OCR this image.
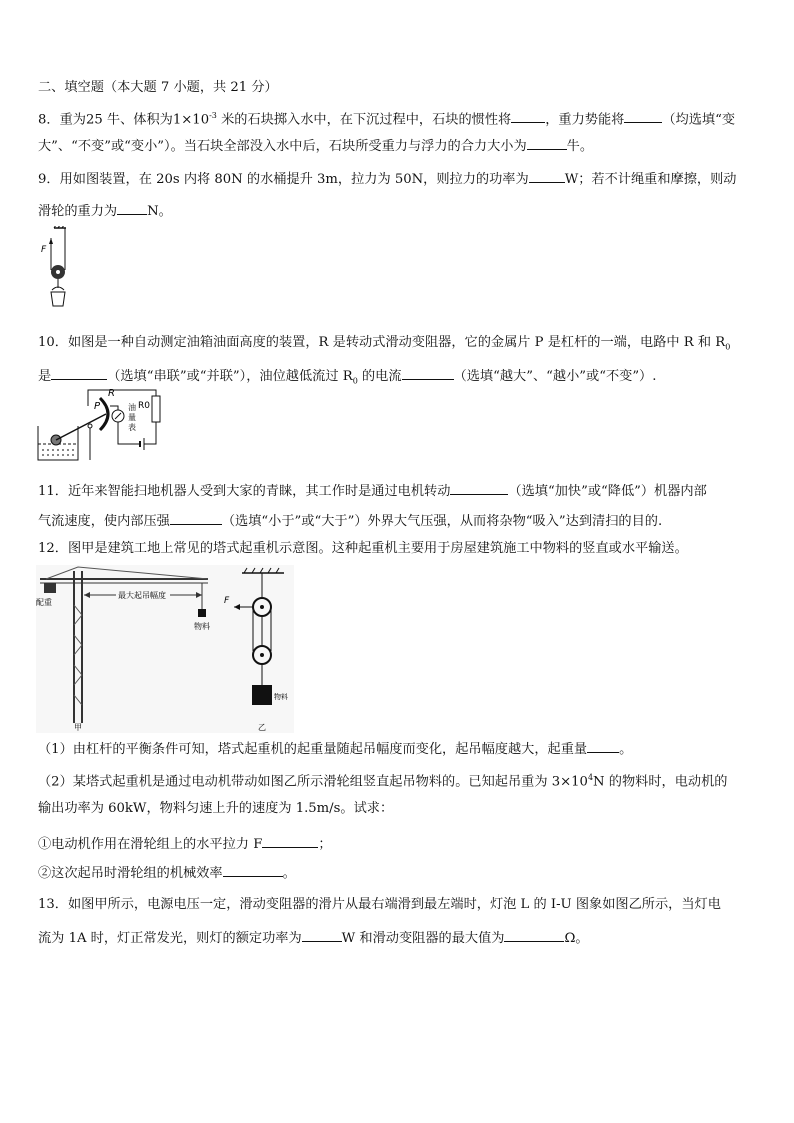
二、填空题（本大题 7 小题，共 21 分）
8．重为25 牛、体积为$1\times 10^{-3}$ 米的石块掷入水中，在下沉过程中，石块的惯性将	，重力势能将	（均选填“变
大”、“不变”或“变小”）。当石块全部没入水中后，石块所受重力与浮力的合力大小为	牛。
9．用如图装置，在 20s 内将 80N 的水桶提升 3m，拉力为 50N，则拉力的功率为	W；若不计绳重和摩擦，则动
滑轮的重力为 N。
F
10．如图是一种自动测定油箱油面高度的装置，R 是转动式滑动变阻器，它的金属片 P 是杠杆的一端，电路中 R 和 $R_0$
是	（选填“串联”或“并联”），油位越低流过 $R_0$ 的电流	（选填“越大”、“越小”或“不变”）.
P
R
R0
油
量
表
11．近年来智能扫地机器人受到大家的青睐，其工作时是通过电机转动	（选填“加快”或“降低”）机器内部
气流速度，使内部压强	（选填“小于”或“大于”）外界大气压强，从而将杂物“吸入”达到清扫的目的.
12．图甲是建筑工地上常见的塔式起重机示意图。这种起重机主要用于房屋建筑施工中物料的竖直或水平输送。
配重
最大起吊幅度
物料
甲
F
物料
乙
（1）由杠杆的平衡条件可知，塔式起重机的起重量随起吊幅度而变化，起吊幅度越大，起重量 。
（2）某塔式起重机是通过电动机带动如图乙所示滑轮组竖直起吊物料的。已知起吊重为 $3\times 10^4N$ 的物料时，电动机的
输出功率为 60kW，物料匀速上升的速度为 1.5m/s。试求：
①电动机作用在滑轮组上的水平拉力 F	；
②这次起吊时滑轮组的机械效率	。
13．如图甲所示，电源电压一定，滑动变阻器的滑片从最右端滑到最左端时，灯泡 L 的 I-U 图象如图乙所示，当灯电
流为 1A 时，灯正常发光，则灯的额定功率为	W 和滑动变阻器的最大值为	Ω。
